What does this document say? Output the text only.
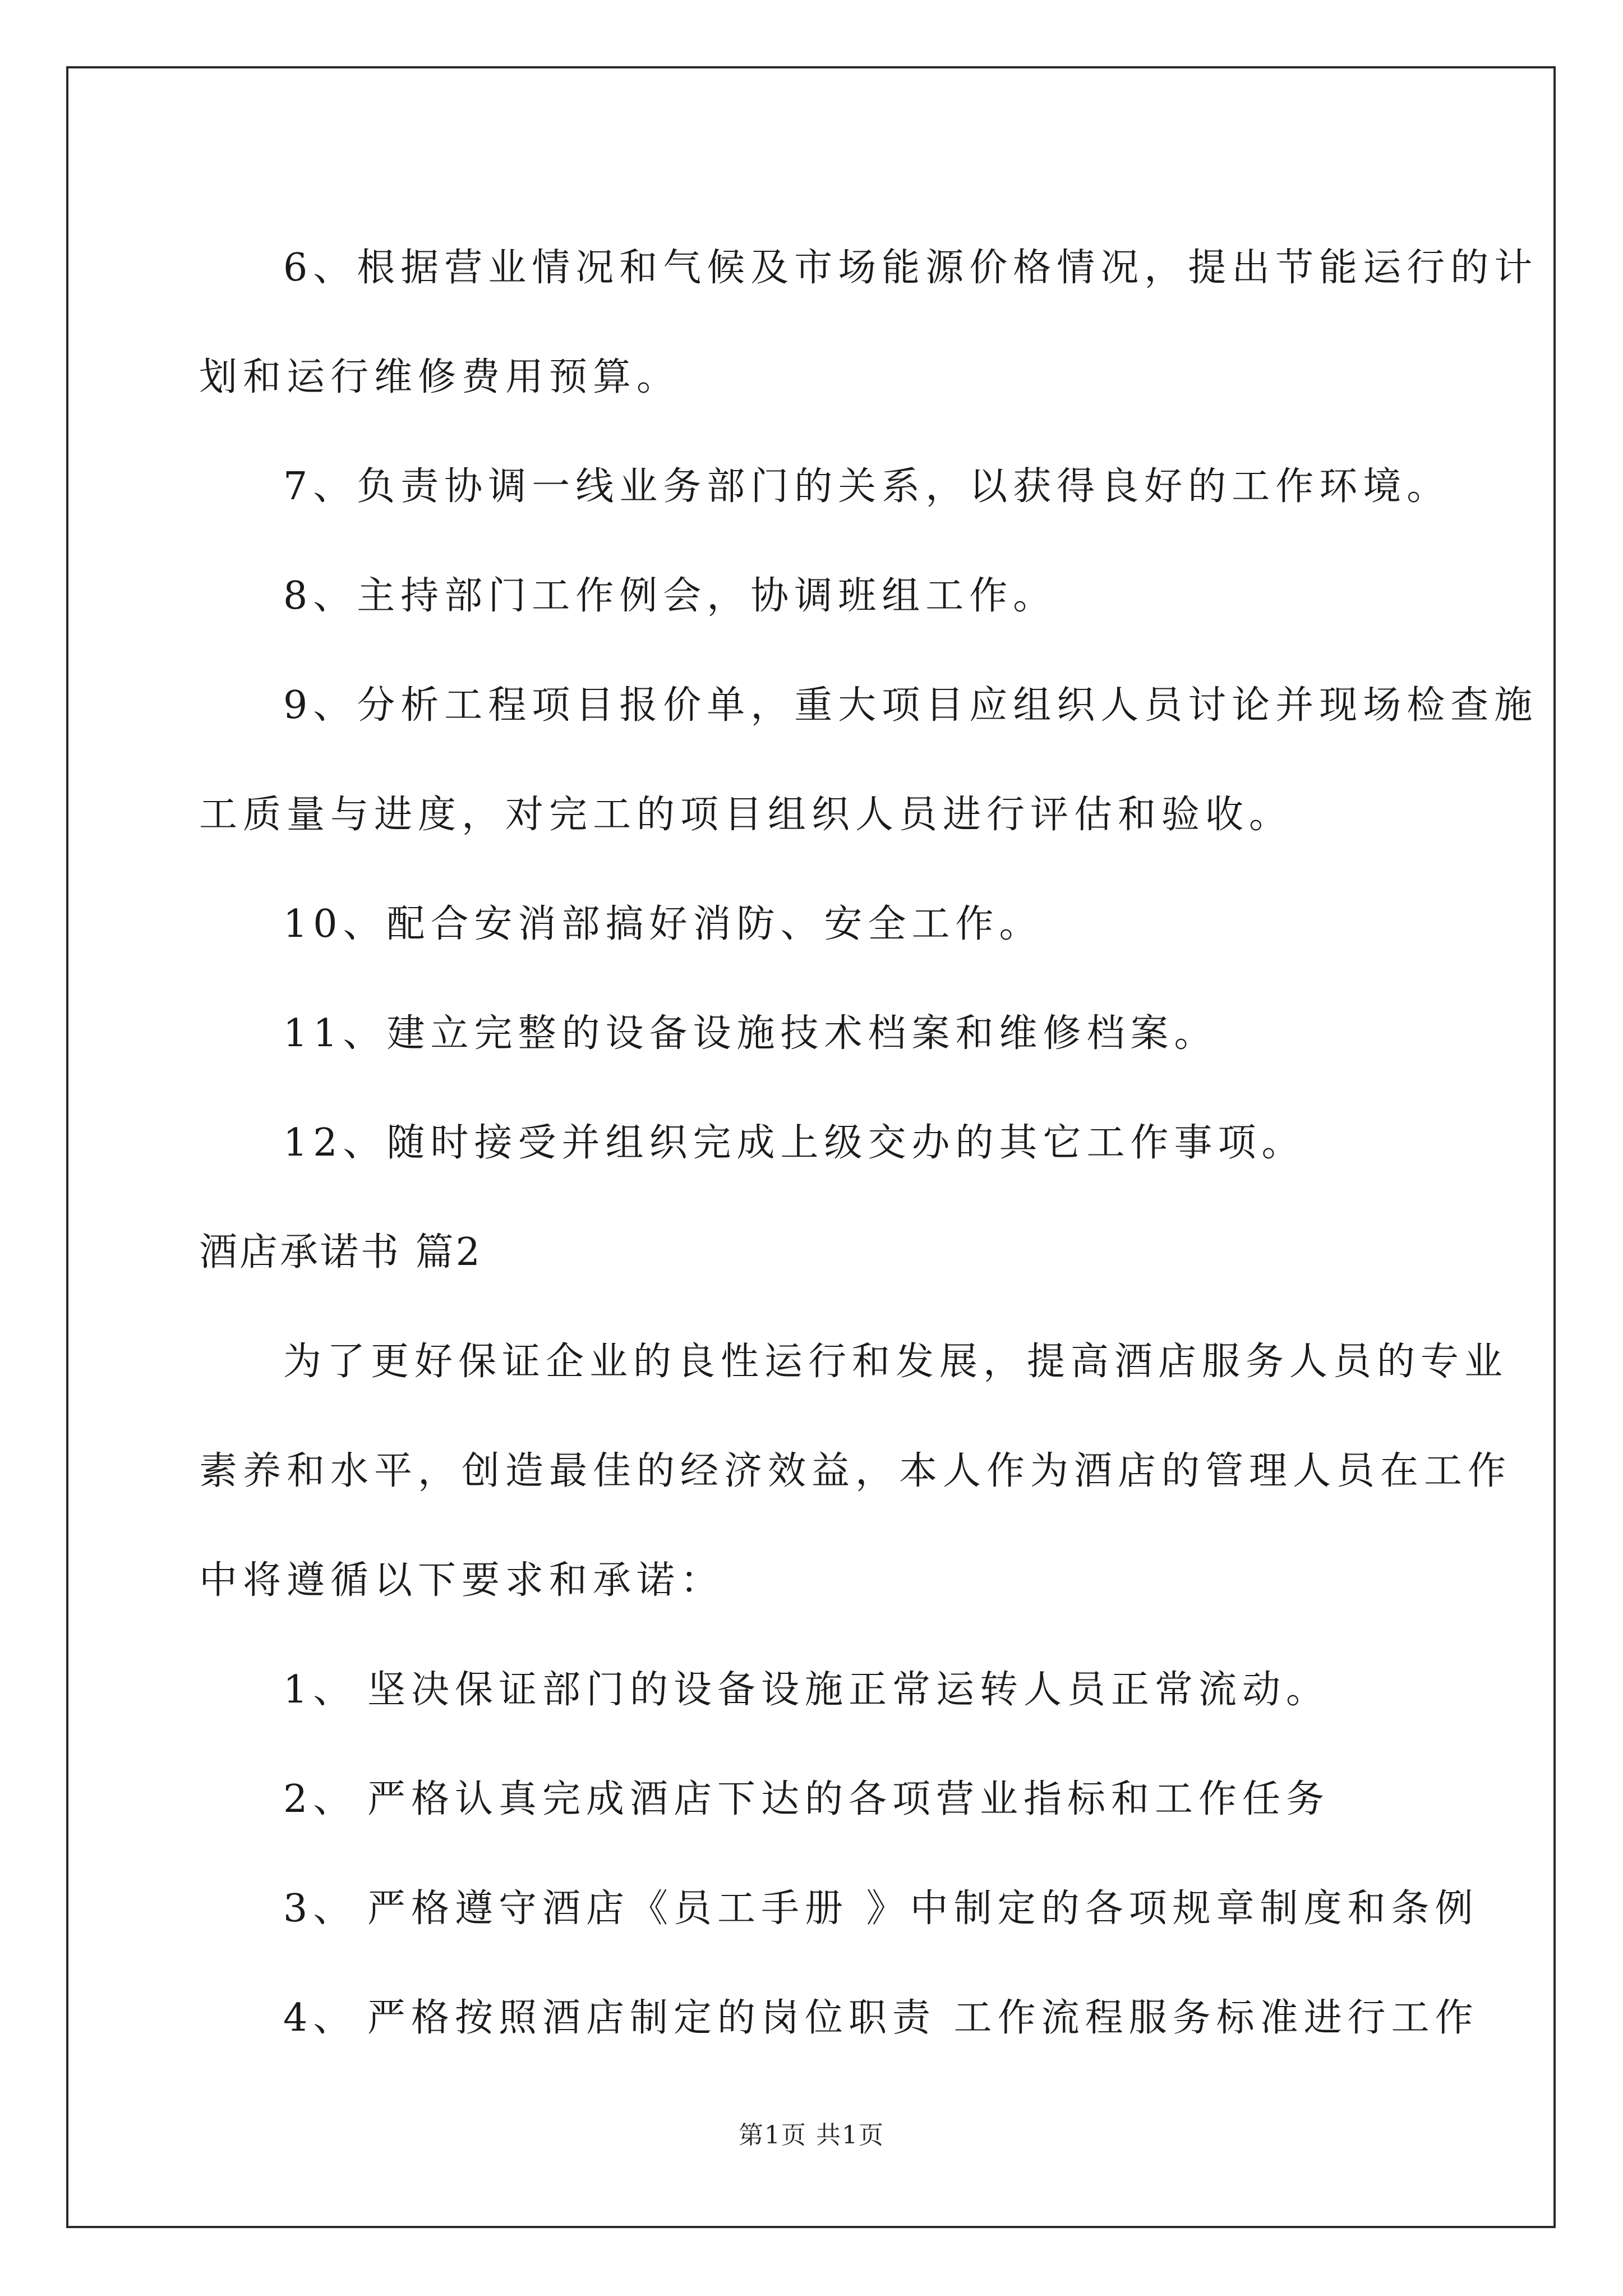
6、根据营业情况和气候及市场能源价格情况，提出节能运行的计
划和运行维修费用预算。
7、负责协调一线业务部门的关系，以获得良好的工作环境。
8、主持部门工作例会，协调班组工作。
9、分析工程项目报价单，重大项目应组织人员讨论并现场检查施
工质量与进度，对完工的项目组织人员进行评估和验收。
10、配合安消部搞好消防、安全工作。
11、建立完整的设备设施技术档案和维修档案。
12、随时接受并组织完成上级交办的其它工作事项。
酒店承诺书 篇2
为了更好保证企业的良性运行和发展，提高酒店服务人员的专业
素养和水平，创造最佳的经济效益，本人作为酒店的管理人员在工作
中将遵循以下要求和承诺：
1、 坚决保证部门的设备设施正常运转人员正常流动。
2、 严格认真完成酒店下达的各项营业指标和工作任务
3、 严格遵守酒店《员工手册 》中制定的各项规章制度和条例
4、 严格按照酒店制定的岗位职责 工作流程服务标准进行工作
第1页 共1页
